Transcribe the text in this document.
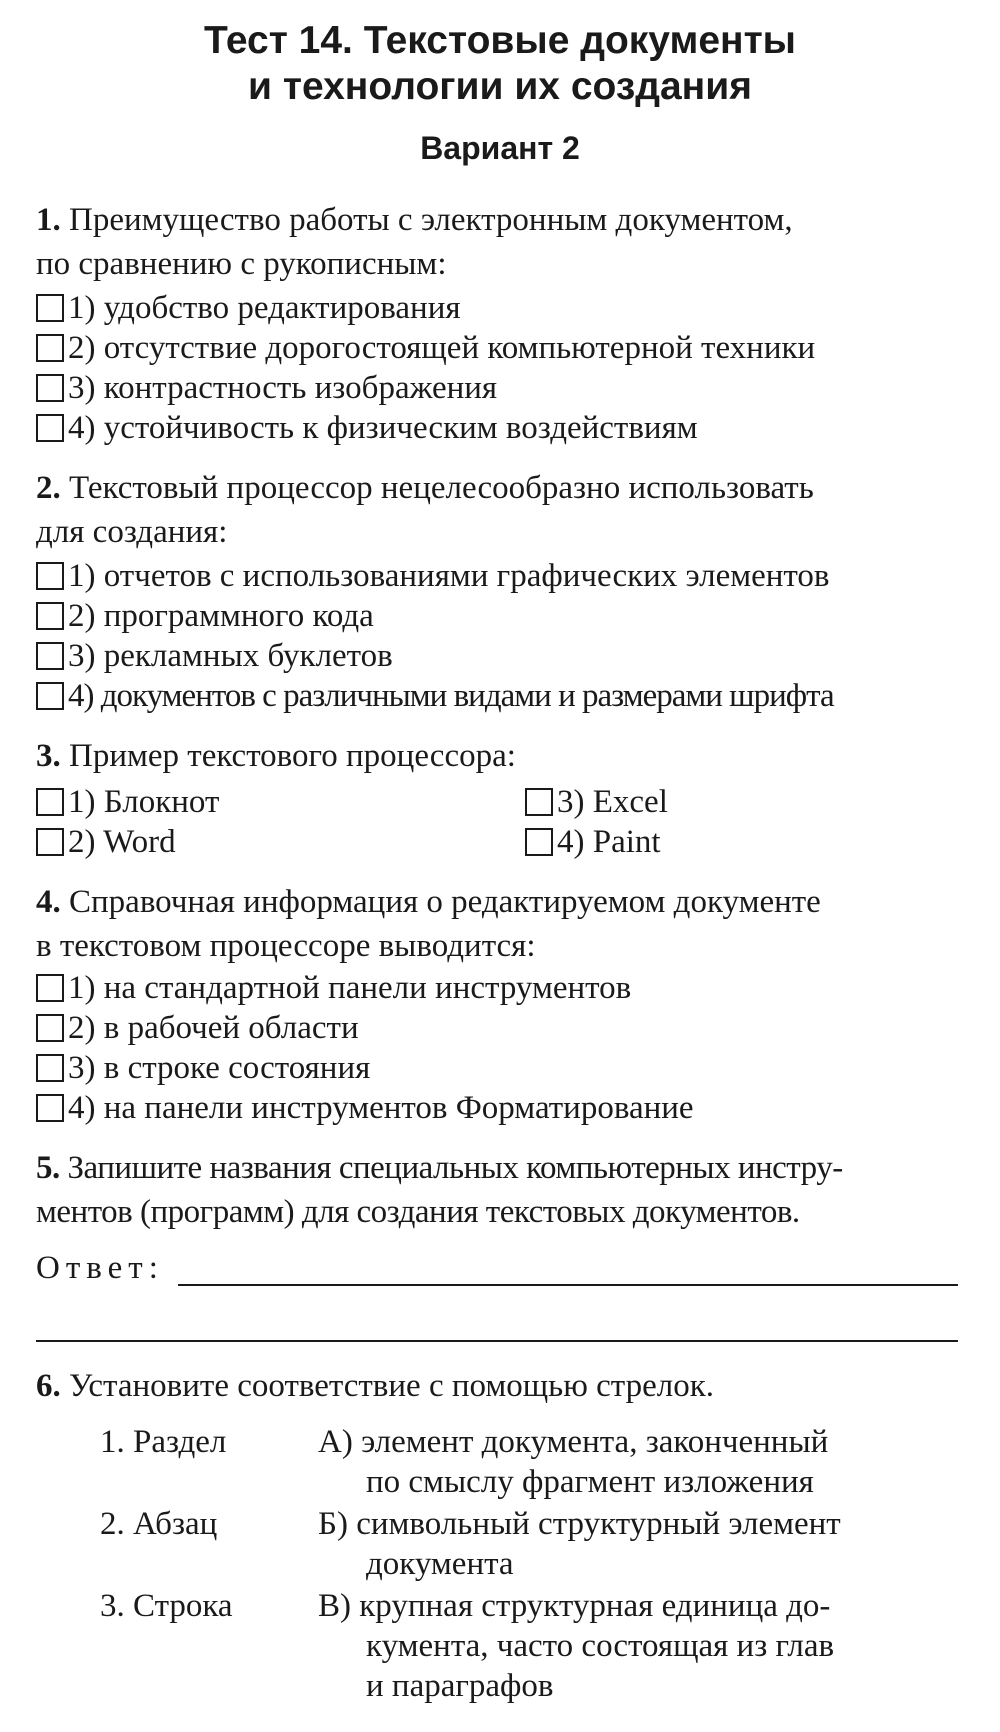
Тест 14. Текстовые документы
и технологии их создания
Вариант 2
1. Преимущество работы с электронным документом,
по сравнению с рукописным:
1) удобство редактирования
2) отсутствие дорогостоящей компьютерной техники
3) контрастность изображения
4) устойчивость к физическим воздействиям
2. Текстовый процессор нецелесообразно использовать
для создания:
1) отчетов с использованиями графических элементов
2) программного кода
3) рекламных буклетов
4) документов с различными видами и размерами шрифта
3. Пример текстового процессора:
1) Блокнот
2) Word
3) Excel
4) Paint
4. Справочная информация о редактируемом документе
в текстовом процессоре выводится:
1) на стандартной панели инструментов
2) в рабочей области
3) в строке состояния
4) на панели инструментов Форматирование
5. Запишите названия специальных компьютерных инстру-
ментов (программ) для создания текстовых документов.
Ответ:
6. Установите соответствие с помощью стрелок.
1. Раздел
2. Абзац
3. Строка
А) элемент документа, законченный
по смыслу фрагмент изложения
Б) символьный структурный элемент
документа
В) крупная структурная единица до-
кумента, часто состоящая из глав
и параграфов
